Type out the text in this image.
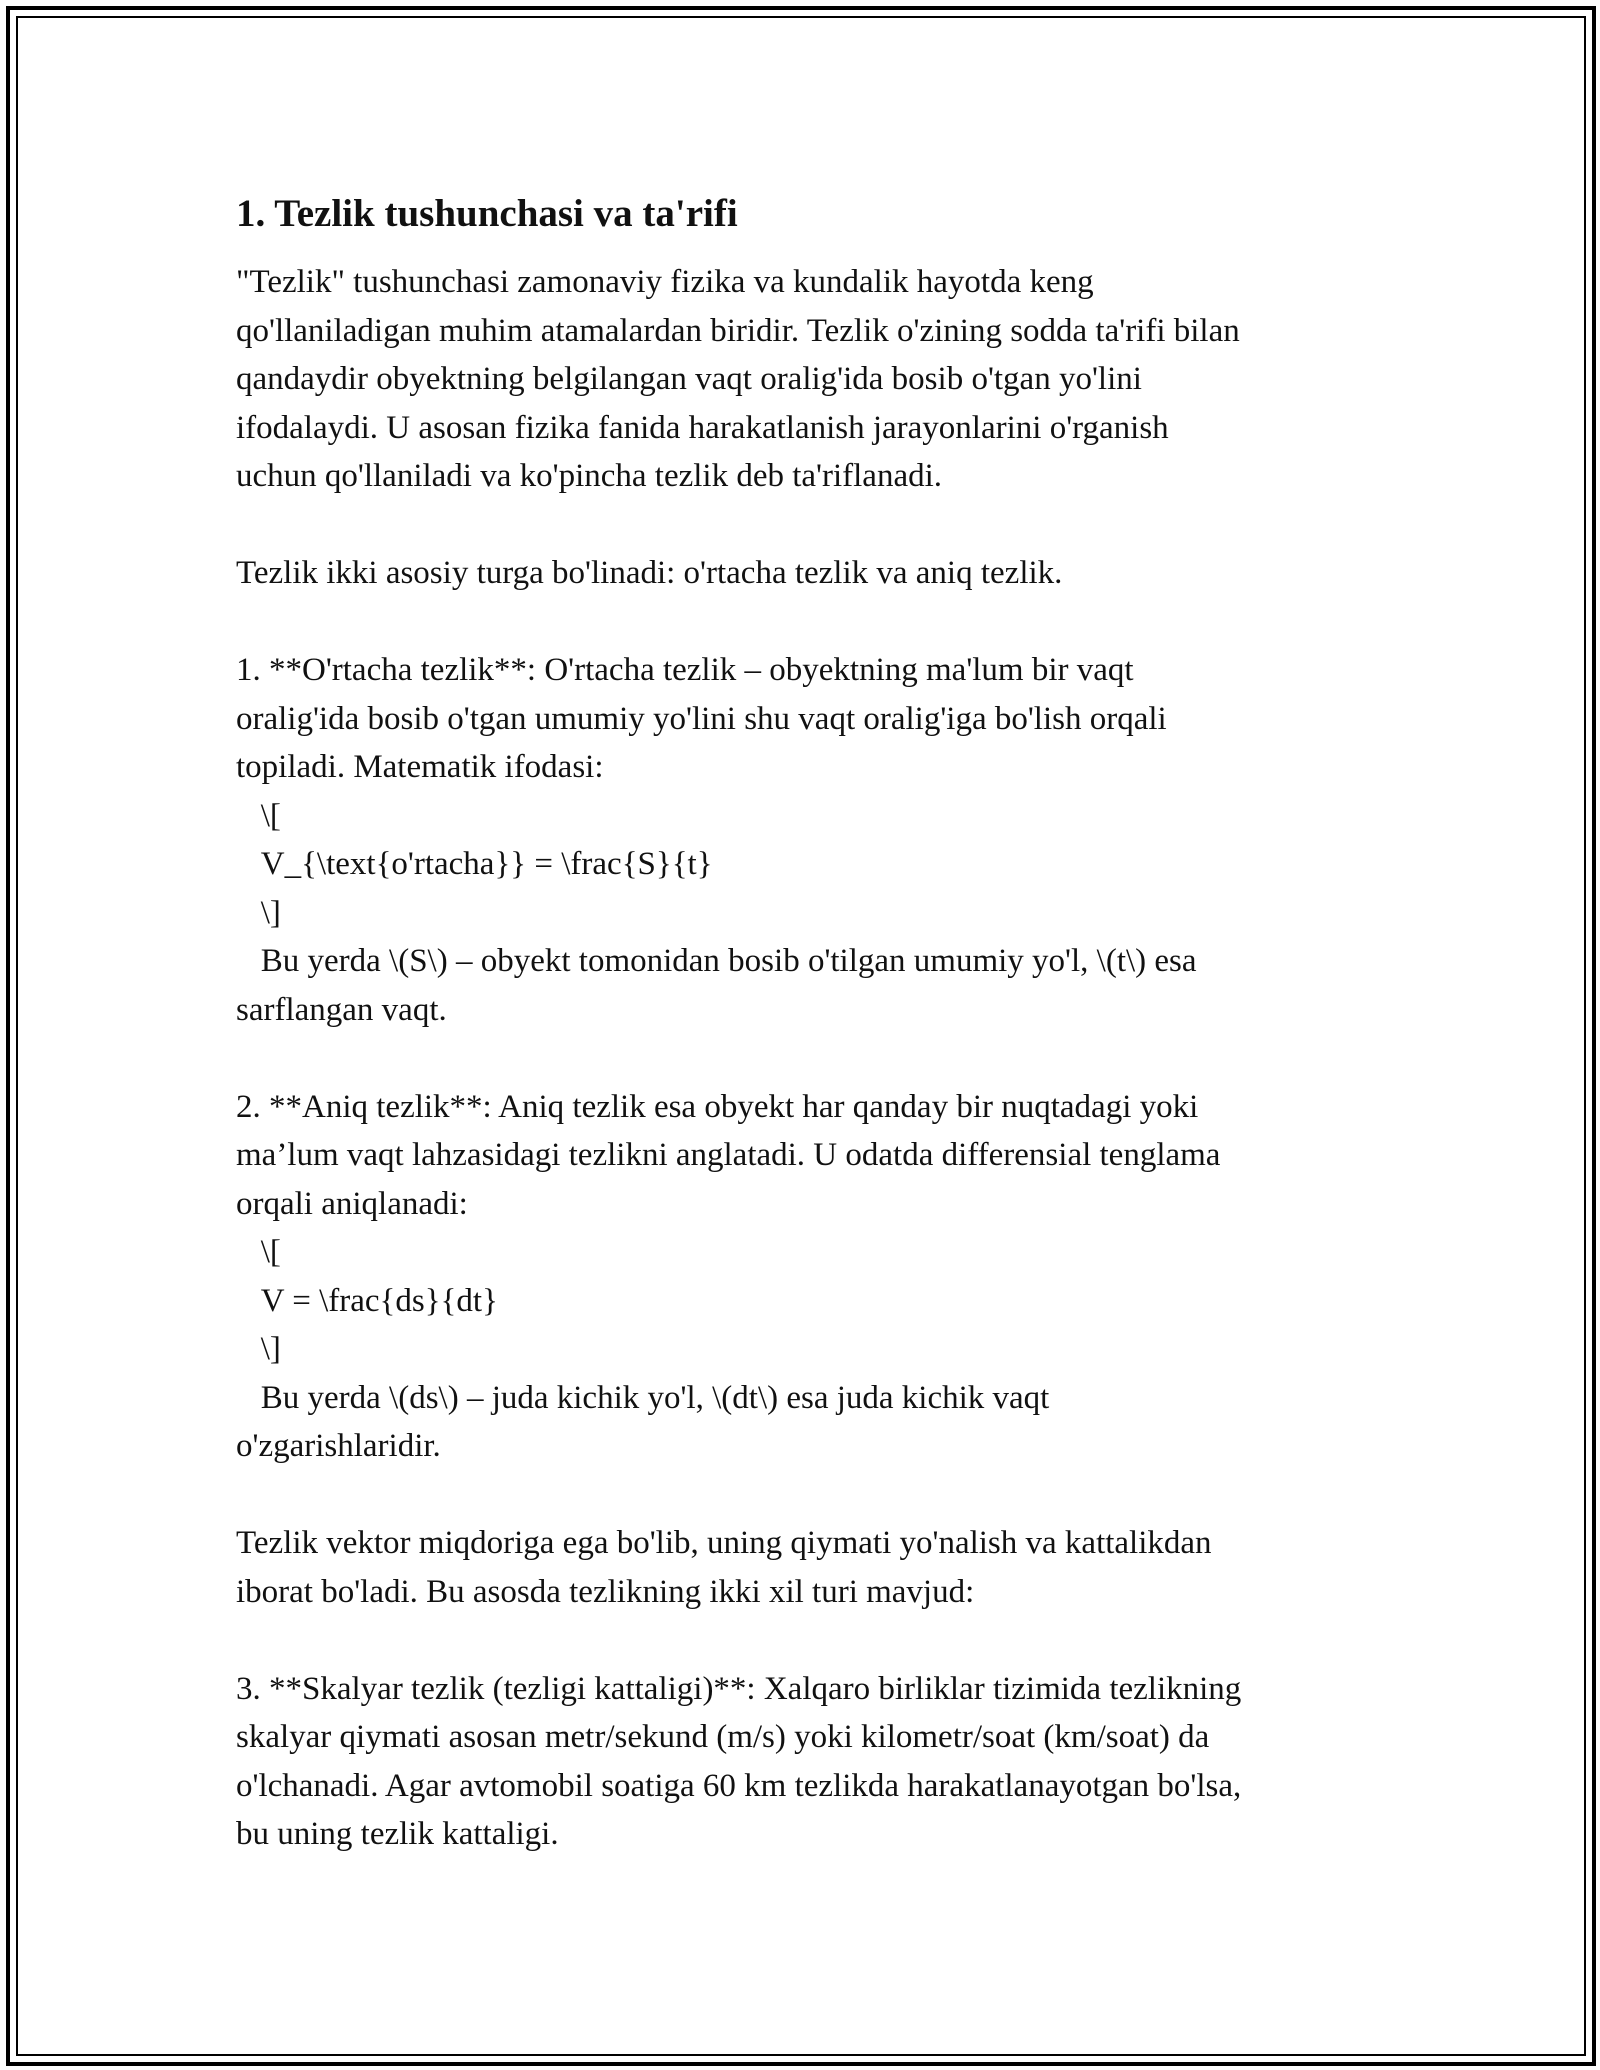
1. Tezlik tushunchasi va ta'rifi

"Tezlik" tushunchasi zamonaviy fizika va kundalik hayotda keng
qo'llaniladigan muhim atamalardan biridir. Tezlik o'zining sodda ta'rifi bilan
qandaydir obyektning belgilangan vaqt oralig'ida bosib o'tgan yo'lini
ifodalaydi. U asosan fizika fanida harakatlanish jarayonlarini o'rganish
uchun qo'llaniladi va ko'pincha tezlik deb ta'riflanadi.

Tezlik ikki asosiy turga bo'linadi: o'rtacha tezlik va aniq tezlik.

1. **O'rtacha tezlik**: O'rtacha tezlik – obyektning ma'lum bir vaqt
oralig'ida bosib o'tgan umumiy yo'lini shu vaqt oralig'iga bo'lish orqali
topiladi. Matematik ifodasi:
\[
V_{\text{o'rtacha}} = \frac{S}{t}
\]
Bu yerda \(S\) – obyekt tomonidan bosib o'tilgan umumiy yo'l, \(t\) esa
sarflangan vaqt.

2. **Aniq tezlik**: Aniq tezlik esa obyekt har qanday bir nuqtadagi yoki
ma’lum vaqt lahzasidagi tezlikni anglatadi. U odatda differensial tenglama
orqali aniqlanadi:
\[
V = \frac{ds}{dt}
\]
Bu yerda \(ds\) – juda kichik yo'l, \(dt\) esa juda kichik vaqt
o'zgarishlaridir.

Tezlik vektor miqdoriga ega bo'lib, uning qiymati yo'nalish va kattalikdan
iborat bo'ladi. Bu asosda tezlikning ikki xil turi mavjud:

3. **Skalyar tezlik (tezligi kattaligi)**: Xalqaro birliklar tizimida tezlikning
skalyar qiymati asosan metr/sekund (m/s) yoki kilometr/soat (km/soat) da
o'lchanadi. Agar avtomobil soatiga 60 km tezlikda harakatlanayotgan bo'lsa,
bu uning tezlik kattaligi.
